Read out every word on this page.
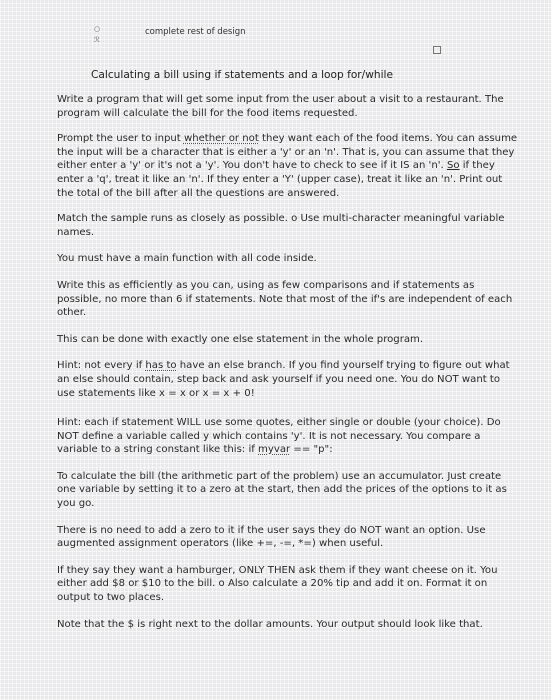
○
ℛ
complete rest of design
Calculating a bill using if statements and a loop for/while

Write a program that will get some input from the user about a visit to a restaurant. The program will calculate the bill for the food items requested.

Prompt the user to input whether or not they want each of the food items. You can assume the input will be a character that is either a 'y' or an 'n'. That is, you can assume that they either enter a 'y' or it's not a 'y'. You don't have to check to see if it IS an 'n'. So if they enter a 'q', treat it like an 'n'. If they enter a 'Y' (upper case), treat it like an 'n'. Print out the total of the bill after all the questions are answered.

Match the sample runs as closely as possible. o Use multi-character meaningful variable names.

You must have a main function with all code inside.

Write this as efficiently as you can, using as few comparisons and if statements as possible, no more than 6 if statements. Note that most of the if's are independent of each other.

This can be done with exactly one else statement in the whole program.

Hint: not every if has to have an else branch. If you find yourself trying to figure out what an else should contain, step back and ask yourself if you need one. You do NOT want to use statements like x = x or x = x + 0!

Hint: each if statement WILL use some quotes, either single or double (your choice). Do NOT define a variable called y which contains 'y'. It is not necessary. You compare a variable to a string constant like this: if myvar == "p":

To calculate the bill (the arithmetic part of the problem) use an accumulator. Just create one variable by setting it to a zero at the start, then add the prices of the options to it as you go.

There is no need to add a zero to it if the user says they do NOT want an option. Use augmented assignment operators (like +=, -=, *=) when useful.

If they say they want a hamburger, ONLY THEN ask them if they want cheese on it. You either add $8 or $10 to the bill. o Also calculate a 20% tip and add it on. Format it on output to two places.

Note that the $ is right next to the dollar amounts. Your output should look like that.
